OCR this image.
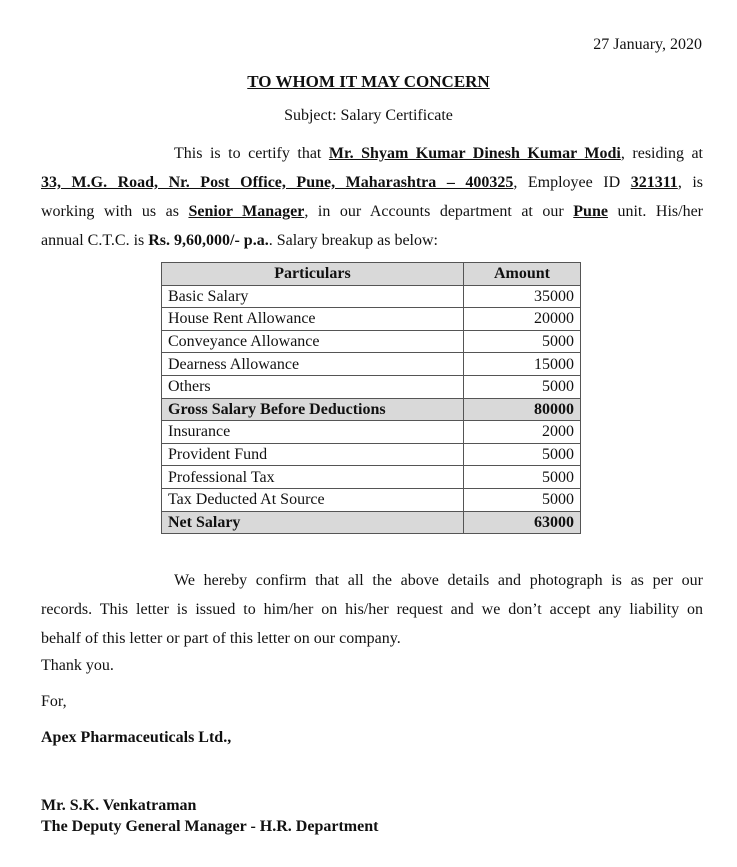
27 January, 2020
TO WHOM IT MAY CONCERN
Subject: Salary Certificate
This is to certify that Mr. Shyam Kumar Dinesh Kumar Modi, residing at
33, M.G. Road, Nr. Post Office, Pune, Maharashtra – 400325, Employee ID 321311, is
working with us as Senior Manager, in our Accounts department at our Pune unit. His/her
annual C.T.C. is Rs. 9,60,000/- p.a.. Salary breakup as below:
Particulars	Amount
Basic Salary	35000
House Rent Allowance	20000
Conveyance Allowance	5000
Dearness Allowance	15000
Others	5000
Gross Salary Before Deductions	80000
Insurance	2000
Provident Fund	5000
Professional Tax	5000
Tax Deducted At Source	5000
Net Salary	63000
We hereby confirm that all the above details and photograph is as per our
records. This letter is issued to him/her on his/her request and we don’t accept any liability on
behalf of this letter or part of this letter on our company.
Thank you.
For,
Apex Pharmaceuticals Ltd.,
Mr. S.K. Venkatraman
The Deputy General Manager - H.R. Department
